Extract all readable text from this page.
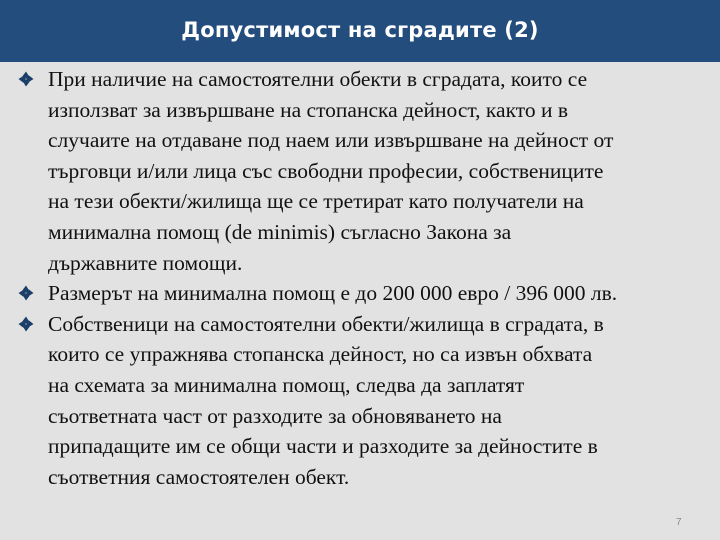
Допустимост на сградите (2)
При наличие на самостоятелни обекти в сградата, които се
използват за извършване на стопанска дейност, както и в
случаите на отдаване под наем или извършване на дейност от
търговци и/или лица със свободни професии, собствениците
на тези обекти/жилища ще се третират като получатели на
минимална помощ (de minimis) съгласно Закона за
държавните помощи.
Размерът на минимална помощ е до 200 000 евро / 396 000 лв.
Собственици на самостоятелни обекти/жилища в сградата, в
които се упражнява стопанска дейност, но са извън обхвата
на схемата за минимална помощ, следва да заплатят
съответната част от разходите за обновяването на
припадащите им се общи части и разходите за дейностите в
съответния самостоятелен обект.
7
